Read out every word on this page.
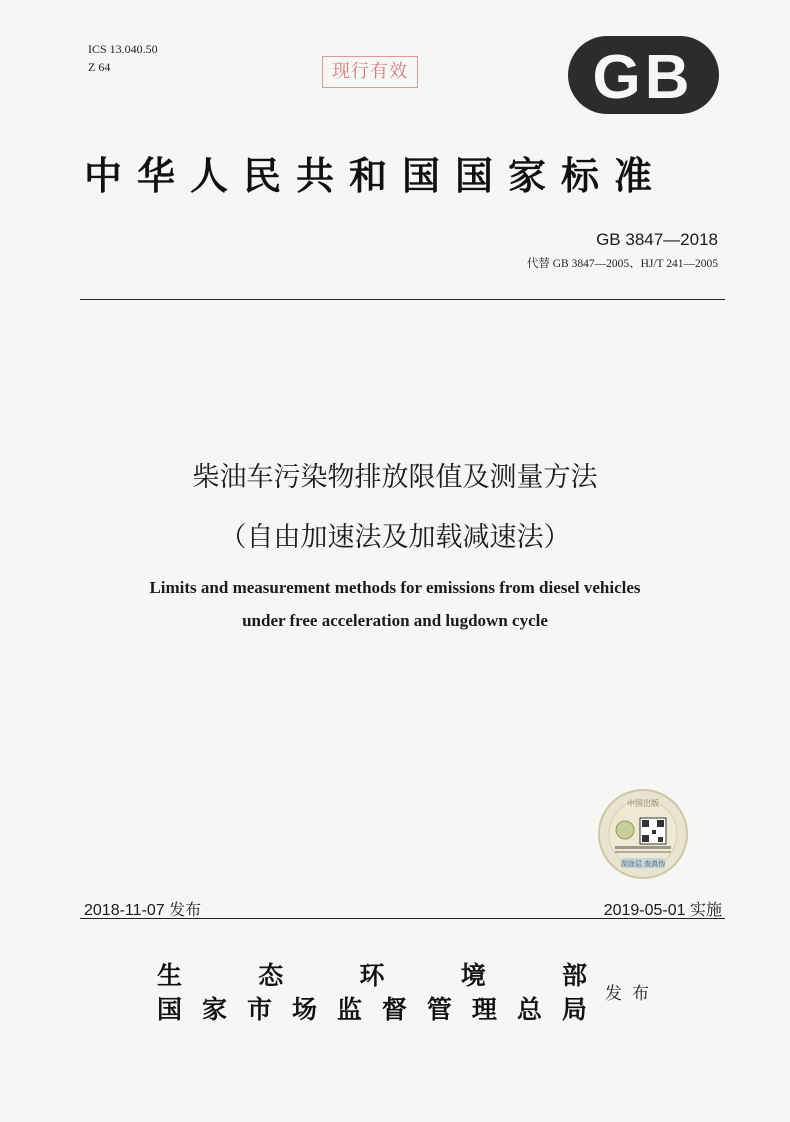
ICS 13.040.50
Z 64	现行有效	GB
中华人民共和国国家标准
GB 3847—2018
代替 GB 3847—2005、HJ/T 241—2005
柴油车污染物排放限值及测量方法
（自由加速法及加载减速法）
Limits and measurement methods for emissions from diesel vehicles
under free acceleration and lugdown cycle
中国出版
刮涂层 查真伪
2018-11-07 发布	2019-05-01 实施
生	态	环	境	部
国 家 市 场 监 督 管 理 总 局
发布
